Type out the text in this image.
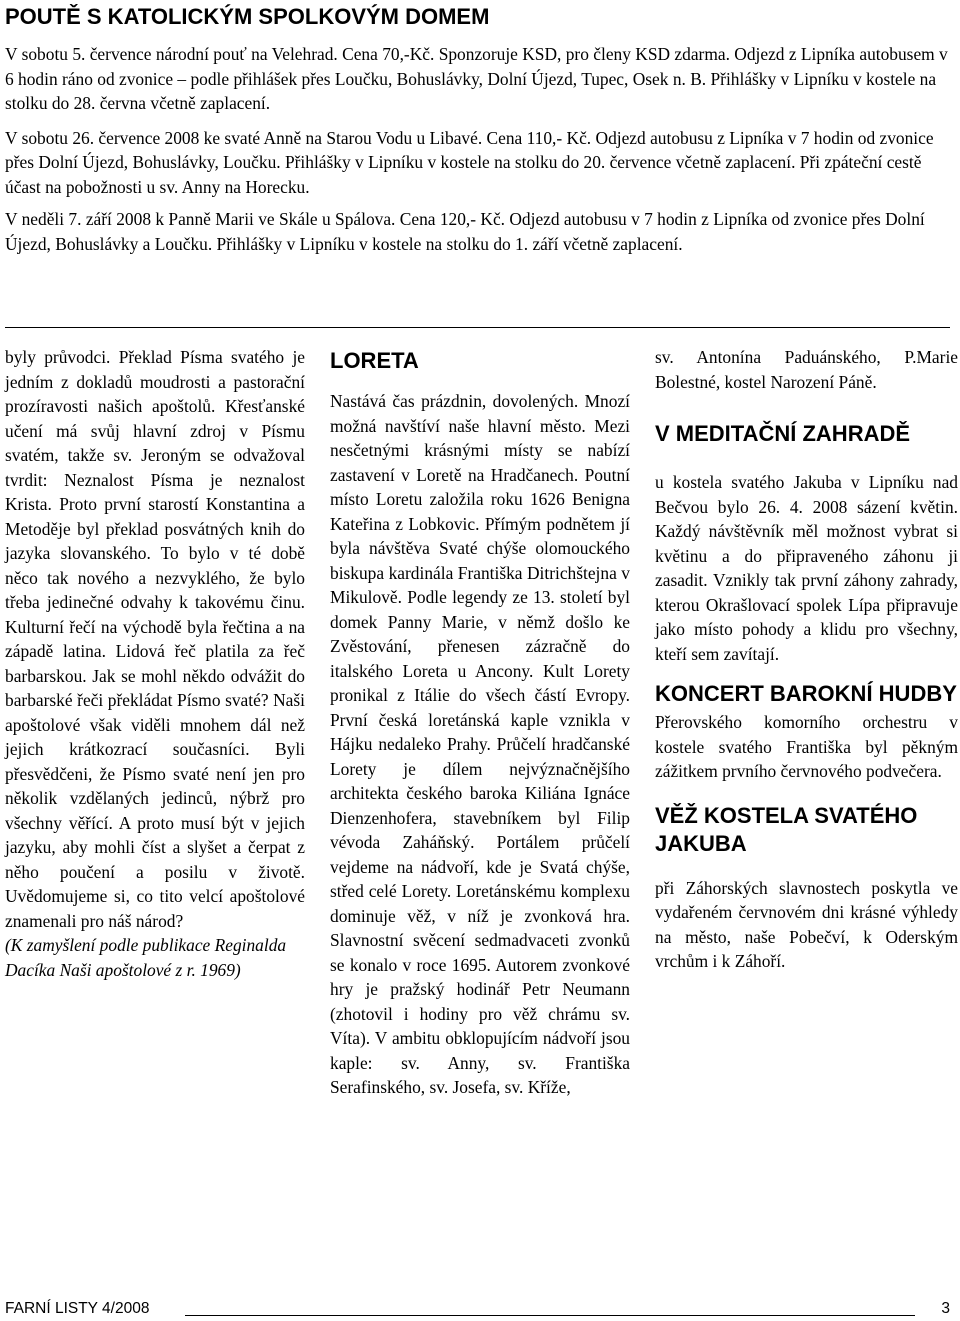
POUTĚ S KATOLICKÝM SPOLKOVÝM DOMEM

V sobotu 5. července národní pouť na Velehrad. Cena 70,-Kč. Sponzoruje KSD, pro členy KSD zdarma. Odjezd z Lipníka autobusem v 6 hodin ráno od zvonice – podle přihlášek přes Loučku, Bohuslávky, Dolní Újezd, Tupec, Osek n. B. Přihlášky v Lipníku v kostele na stolku do 28. června včetně zaplacení.

V sobotu 26. července 2008 ke svaté Anně na Starou Vodu u Libavé. Cena 110,- Kč. Odjezd autobusu z Lipníka v 7 hodin od zvonice přes Dolní Újezd, Bohuslávky, Loučku. Přihlášky v Lipníku v kostele na stolku do 20. července včetně zaplacení. Při zpáteční cestě účast na pobožnosti u sv. Anny na Horecku.

V neděli 7. září 2008 k Panně Marii ve Skále u Spálova. Cena 120,- Kč. Odjezd autobusu v 7 hodin z Lipníka od zvonice přes Dolní Újezd, Bohuslávky a Loučku. Přihlášky v Lipníku v kostele na stolku do 1. září včetně zaplacení.

byly průvodci. Překlad Písma svatého je jedním z dokladů moudrosti a pastorační prozíravosti našich apoštolů. Křesťanské učení má svůj hlavní zdroj v Písmu svatém, takže sv. Jeroným se odvažoval tvrdit: Neznalost Písma je neznalost Krista. Proto první starostí Konstantina a Metoděje byl překlad posvátných knih do jazyka slovanského. To bylo v té době něco tak nového a nezvyklého, že bylo třeba jedinečné odvahy k takovému činu. Kulturní řečí na východě byla řečtina a na západě latina. Lidová řeč platila za řeč barbarskou. Jak se mohl někdo odvážit do barbarské řeči překládat Písmo svaté? Naši apoštolové však viděli mnohem dál než jejich krátkozrací současníci. Byli přesvědčeni, že Písmo svaté není jen pro několik vzdělaných jedinců, nýbrž pro všechny věřící. A proto musí být v jejich jazyku, aby mohli číst a slyšet a čerpat z něho poučení a posilu v životě. Uvědomujeme si, co tito velcí apoštolové znamenali pro náš národ?

(K zamyšlení podle publikace Reginalda Dacíka Naši apoštolové z r. 1969)

LORETA

Nastává čas prázdnin, dovolených. Mnozí možná navštíví naše hlavní město. Mezi nesčetnými krásnými místy se nabízí zastavení v Loretě na Hradčanech. Poutní místo Loretu založila roku 1626 Benigna Kateřina z Lobkovic. Přímým podnětem jí byla návštěva Svaté chýše olomouckého biskupa kardinála Františka Ditrichštejna v Mikulově. Podle legendy ze 13. století byl domek Panny Marie, v němž došlo ke Zvěstování, přenesen zázračně do italského Loreta u Ancony. Kult Lorety pronikal z Itálie do všech částí Evropy. První česká loretánská kaple vznikla v Hájku nedaleko Prahy. Průčelí hradčanské Lorety je dílem nejvýznačnějšího architekta českého baroka Kiliána Ignáce Dienzenhofera, stavebníkem byl Filip vévoda Zaháňský. Portálem průčelí vejdeme na nádvoří, kde je Svatá chýše, střed celé Lorety. Loretánskému komplexu dominuje věž, v níž je zvonková hra. Slavnostní svěcení sedmadvaceti zvonků se konalo v roce 1695. Autorem zvonkové hry je pražský hodinář Petr Neumann (zhotovil i hodiny pro věž chrámu sv. Víta). V ambitu obklopujícím nádvoří jsou kaple: sv. Anny, sv. Františka Serafinského, sv. Josefa, sv. Kříže,

sv. Antonína Paduánského, P.Marie Bolestné, kostel Narození Páně.

V MEDITAČNÍ ZAHRADĚ

u kostela svatého Jakuba v Lipníku nad Bečvou bylo 26. 4. 2008 sázení květin. Každý návštěvník měl možnost vybrat si květinu a do připraveného záhonu ji zasadit. Vznikly tak první záhony zahrady, kterou Okrašlovací spolek Lípa připravuje jako místo pohody a klidu pro všechny, kteří sem zavítají.

KONCERT BAROKNÍ HUDBY

Přerovského komorního orchestru v kostele svatého Františka byl pěkným zážitkem prvního červnového podvečera.

VĚŽ KOSTELA SVATÉHO JAKUBA

při Záhorských slavnostech poskytla ve vydařeném červnovém dni krásné výhledy na město, naše Pobečví, k Oderským vrchům i k Záhoří.

FARNÍ LISTY 4/2008	3
